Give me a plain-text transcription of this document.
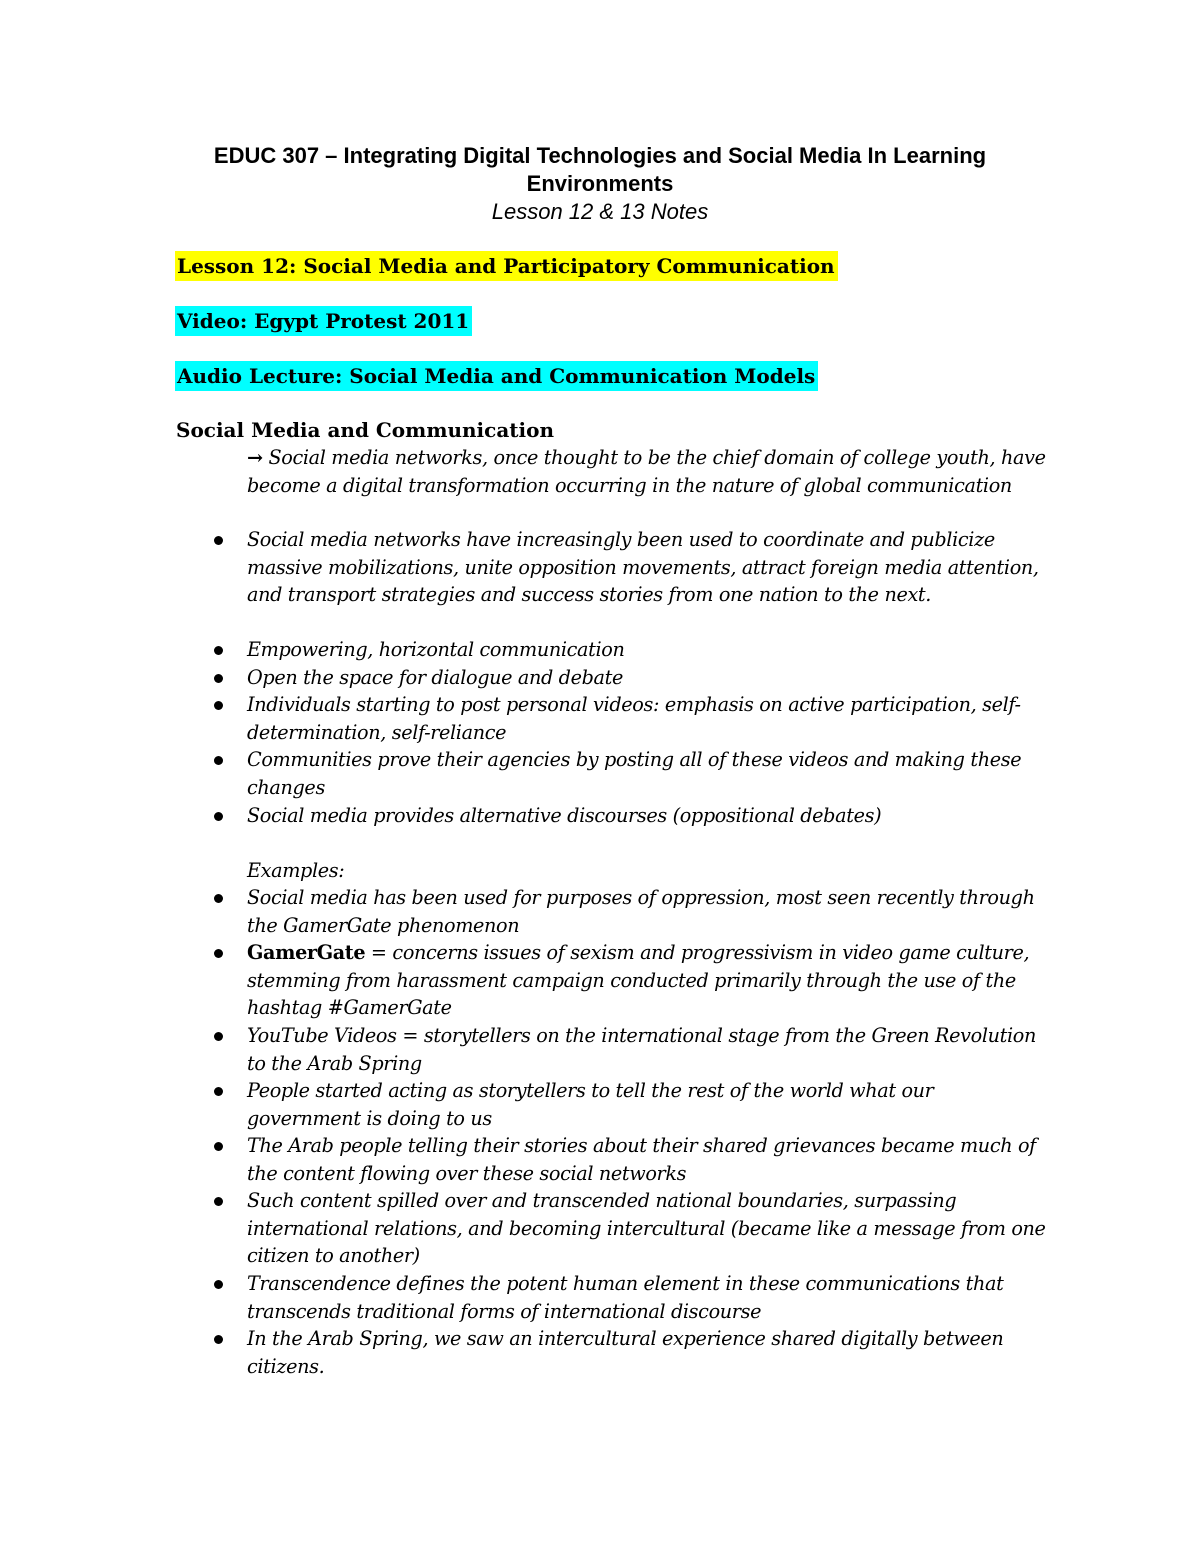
EDUC 307 – Integrating Digital Technologies and Social Media In Learning
Environments
Lesson 12 & 13 Notes
Lesson 12: Social Media and Participatory Communication
Video: Egypt Protest 2011
Audio Lecture: Social Media and Communication Models
Social Media and Communication
→ Social media networks, once thought to be the chief domain of college youth, have become a digital transformation occurring in the nature of global communication
Social media networks have increasingly been used to coordinate and publicize massive mobilizations, unite opposition movements, attract foreign media attention, and transport strategies and success stories from one nation to the next.
Empowering, horizontal communication
Open the space for dialogue and debate
Individuals starting to post personal videos: emphasis on active participation, self-determination, self-reliance
Communities prove their agencies by posting all of these videos and making these changes
Social media provides alternative discourses (oppositional debates)
Examples:
Social media has been used for purposes of oppression, most seen recently through the GamerGate phenomenon
GamerGate = concerns issues of sexism and progressivism in video game culture, stemming from harassment campaign conducted primarily through the use of the hashtag #GamerGate
YouTube Videos = storytellers on the international stage from the Green Revolution to the Arab Spring
People started acting as storytellers to tell the rest of the world what our government is doing to us
The Arab people telling their stories about their shared grievances became much of the content flowing over these social networks
Such content spilled over and transcended national boundaries, surpassing international relations, and becoming intercultural (became like a message from one citizen to another)
Transcendence defines the potent human element in these communications that transcends traditional forms of international discourse
In the Arab Spring, we saw an intercultural experience shared digitally between citizens.
